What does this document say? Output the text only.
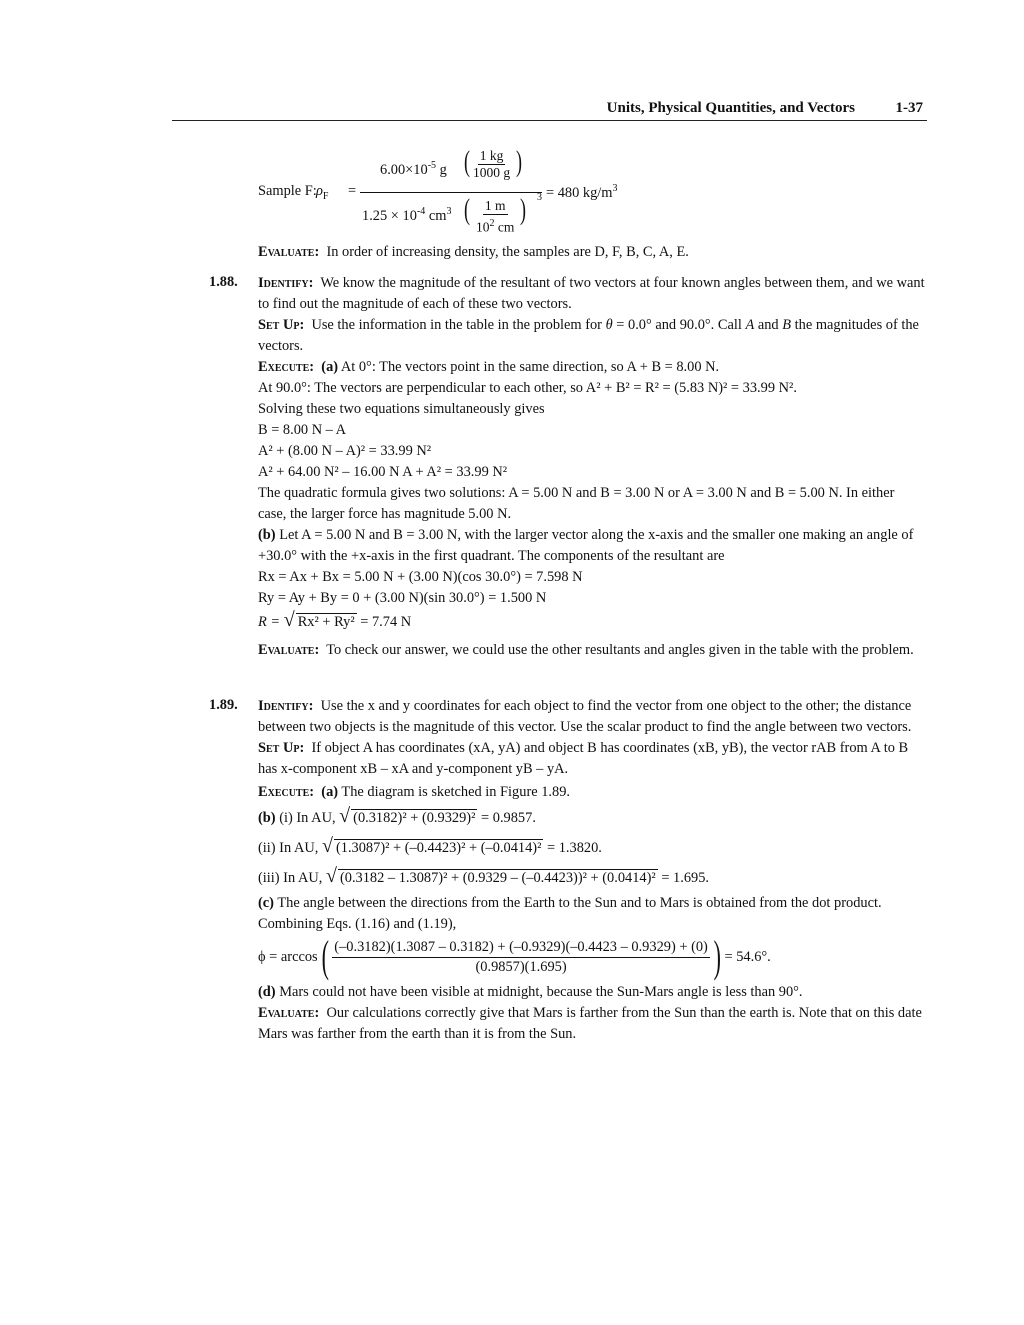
Units, Physical Quantities, and Vectors	1-37
Sample F: $\rho_F$ =
$6.00\times 10^{-5}$ g ( $\frac{1 kg}{1000 g}$ )
$1.25 \times 10^{-4}$ $cm^3$ ( $\frac{1 m}{10^2 cm}$ ) 3 = 480 $kg/m^3$
Evaluate: In order of increasing density, the samples are D, F, B, C, A, E.
1.88. Identify: We know the magnitude of the resultant of two vectors at four known angles between them, and we want to find out the magnitude of each of these two vectors.
Set Up: Use the information in the table in the problem for θ = 0.0° and 90.0°. Call A and B the magnitudes of the vectors.
Execute: (a) At 0°: The vectors point in the same direction, so A + B = 8.00 N.
At 90.0°: The vectors are perpendicular to each other, so A² + B² = R² = (5.83 N)² = 33.99 N².
Solving these two equations simultaneously gives
B = 8.00 N – A
A² + (8.00 N – A)² = 33.99 N²
A² + 64.00 N² – 16.00 N A + A² = 33.99 N²
The quadratic formula gives two solutions: A = 5.00 N and B = 3.00 N or A = 3.00 N and B = 5.00 N. In either case, the larger force has magnitude 5.00 N.
(b) Let A = 5.00 N and B = 3.00 N, with the larger vector along the x-axis and the smaller one making an angle of +30.0° with the +x-axis in the first quadrant. The components of the resultant are
Rx = Ax + Bx = 5.00 N + (3.00 N)(cos 30.0°) = 7.598 N
Ry = Ay + By = 0 + (3.00 N)(sin 30.0°) = 1.500 N
R = √ Rx² + Ry² = 7.74 N
Evaluate: To check our answer, we could use the other resultants and angles given in the table with the problem.
1.89. Identify: Use the x and y coordinates for each object to find the vector from one object to the other; the distance between two objects is the magnitude of this vector. Use the scalar product to find the angle between two vectors.
Set Up: If object A has coordinates (xA, yA) and object B has coordinates (xB, yB), the vector rAB from A to B has x-component xB – xA and y-component yB – yA.
Execute: (a) The diagram is sketched in Figure 1.89.
(b) (i) In AU, √ (0.3182)² + (0.9329)² = 0.9857.
(ii) In AU, √ (1.3087)² + (–0.4423)² + (–0.0414)² = 1.3820.
(iii) In AU, √ (0.3182 – 1.3087)² + (0.9329 – (–0.4423))² + (0.0414)² = 1.695.
(c) The angle between the directions from the Earth to the Sun and to Mars is obtained from the dot product. Combining Eqs. (1.16) and (1.19),
ϕ = arccos ( (–0.3182)(1.3087 – 0.3182) + (–0.9329)(–0.4423 – 0.9329) + (0)
(0.9857)(1.695)	) = 54.6°.
(d) Mars could not have been visible at midnight, because the Sun-Mars angle is less than 90°.
Evaluate: Our calculations correctly give that Mars is farther from the Sun than the earth is. Note that on this date Mars was farther from the earth than it is from the Sun.
